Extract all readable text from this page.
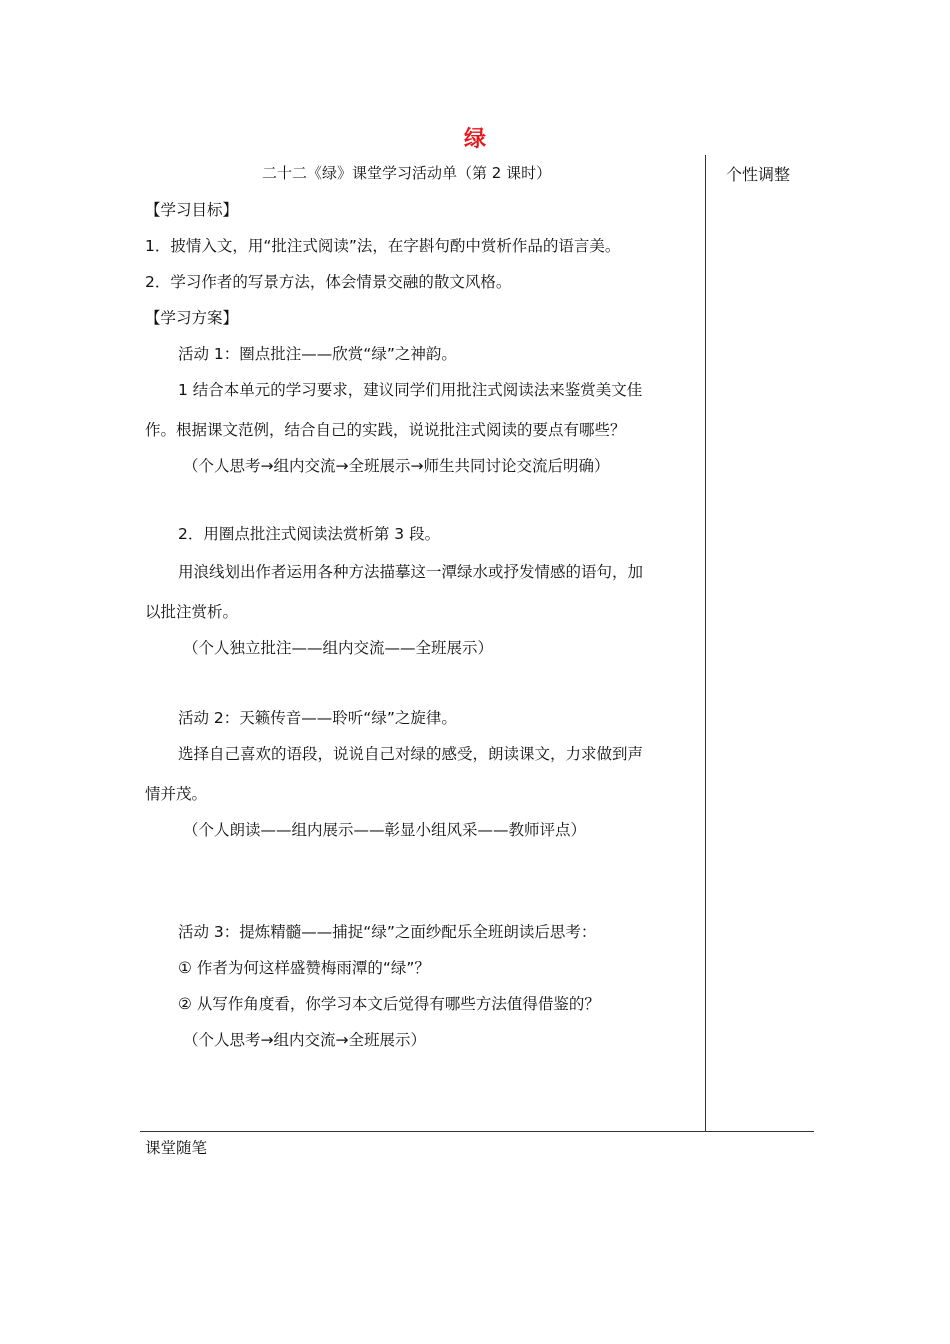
绿
二十二《绿》课堂学习活动单（第 2 课时）	个性调整
【学习目标】
1．披情入文，用“批注式阅读”法，在字斟句酌中赏析作品的语言美。
2．学习作者的写景方法，体会情景交融的散文风格。
【学习方案】
活动 1：圈点批注——欣赏“绿”之神韵。
1 结合本单元的学习要求，建议同学们用批注式阅读法来鉴赏美文佳
作。根据课文范例，结合自己的实践，说说批注式阅读的要点有哪些？
（个人思考→组内交流→全班展示→师生共同讨论交流后明确）
2．用圈点批注式阅读法赏析第 3 段。
用浪线划出作者运用各种方法描摹这一潭绿水或抒发情感的语句，加
以批注赏析。
（个人独立批注——组内交流——全班展示）
活动 2：天籁传音——聆听“绿”之旋律。
选择自己喜欢的语段，说说自己对绿的感受，朗读课文，力求做到声
情并茂。
（个人朗读——组内展示——彰显小组风采——教师评点）
活动 3：提炼精髓——捕捉“绿”之面纱配乐全班朗读后思考：
① 作者为何这样盛赞梅雨潭的“绿”？
② 从写作角度看，你学习本文后觉得有哪些方法值得借鉴的？
（个人思考→组内交流→全班展示）
课堂随笔
